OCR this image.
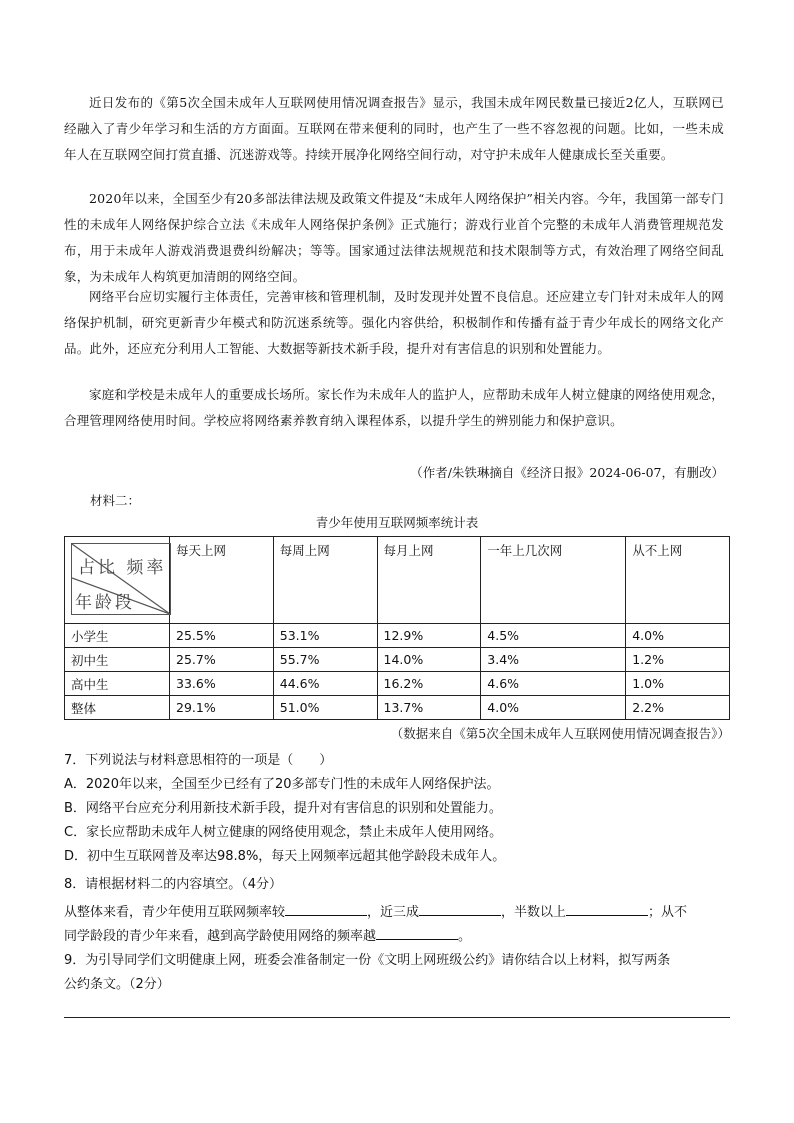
近日发布的《第5次全国未成年人互联网使用情况调查报告》显示，我国未成年网民数量已接近2亿人，互联网已经融入了青少年学习和生活的方方面面。互联网在带来便利的同时，也产生了一些不容忽视的问题。比如，一些未成年人在互联网空间打赏直播、沉迷游戏等。持续开展净化网络空间行动，对守护未成年人健康成长至关重要。

2020年以来，全国至少有20多部法律法规及政策文件提及“未成年人网络保护”相关内容。今年，我国第一部专门性的未成年人网络保护综合立法《未成年人网络保护条例》正式施行；游戏行业首个完整的未成年人消费管理规范发布，用于未成年人游戏消费退费纠纷解决；等等。国家通过法律法规规范和技术限制等方式，有效治理了网络空间乱象，为未成年人构筑更加清朗的网络空间。

网络平台应切实履行主体责任，完善审核和管理机制，及时发现并处置不良信息。还应建立专门针对未成年人的网络保护机制，研究更新青少年模式和防沉迷系统等。强化内容供给，积极制作和传播有益于青少年成长的网络文化产品。此外，还应充分利用人工智能、大数据等新技术新手段，提升对有害信息的识别和处置能力。

家庭和学校是未成年人的重要成长场所。家长作为未成年人的监护人，应帮助未成年人树立健康的网络使用观念，合理管理网络使用时间。学校应将网络素养教育纳入课程体系，以提升学生的辨别能力和保护意识。

（作者/朱铁琳摘自《经济日报》2024-06-07，有删改）

材料二：

青少年使用互联网频率统计表

占比 频率
年龄段	每天上网	每周上网	每月上网	一年上几次网	从不上网
小学生	25.5%	53.1%	12.9%	4.5%	4.0%
初中生	25.7%	55.7%	14.0%	3.4%	1.2%
高中生	33.6%	44.6%	16.2%	4.6%	1.0%
整体	29.1%	51.0%	13.7%	4.0%	2.2%

（数据来自《第5次全国未成年人互联网使用情况调查报告》）

7．下列说法与材料意思相符的一项是（　　）

A．2020年以来，全国至少已经有了20多部专门性的未成年人网络保护法。

B．网络平台应充分利用新技术新手段，提升对有害信息的识别和处置能力。

C．家长应帮助未成年人树立健康的网络使用观念，禁止未成年人使用网络。

D．初中生互联网普及率达98.8%，每天上网频率远超其他学龄段未成年人。

8．请根据材料二的内容填空。（4分）

从整体来看，青少年使用互联网频率较	，近三成	，半数以上	；从不

同学龄段的青少年来看，越到高学龄使用网络的频率越	。

9．为引导同学们文明健康上网，班委会准备制定一份《文明上网班级公约》请你结合以上材料，拟写两条

公约条文。（2分）
